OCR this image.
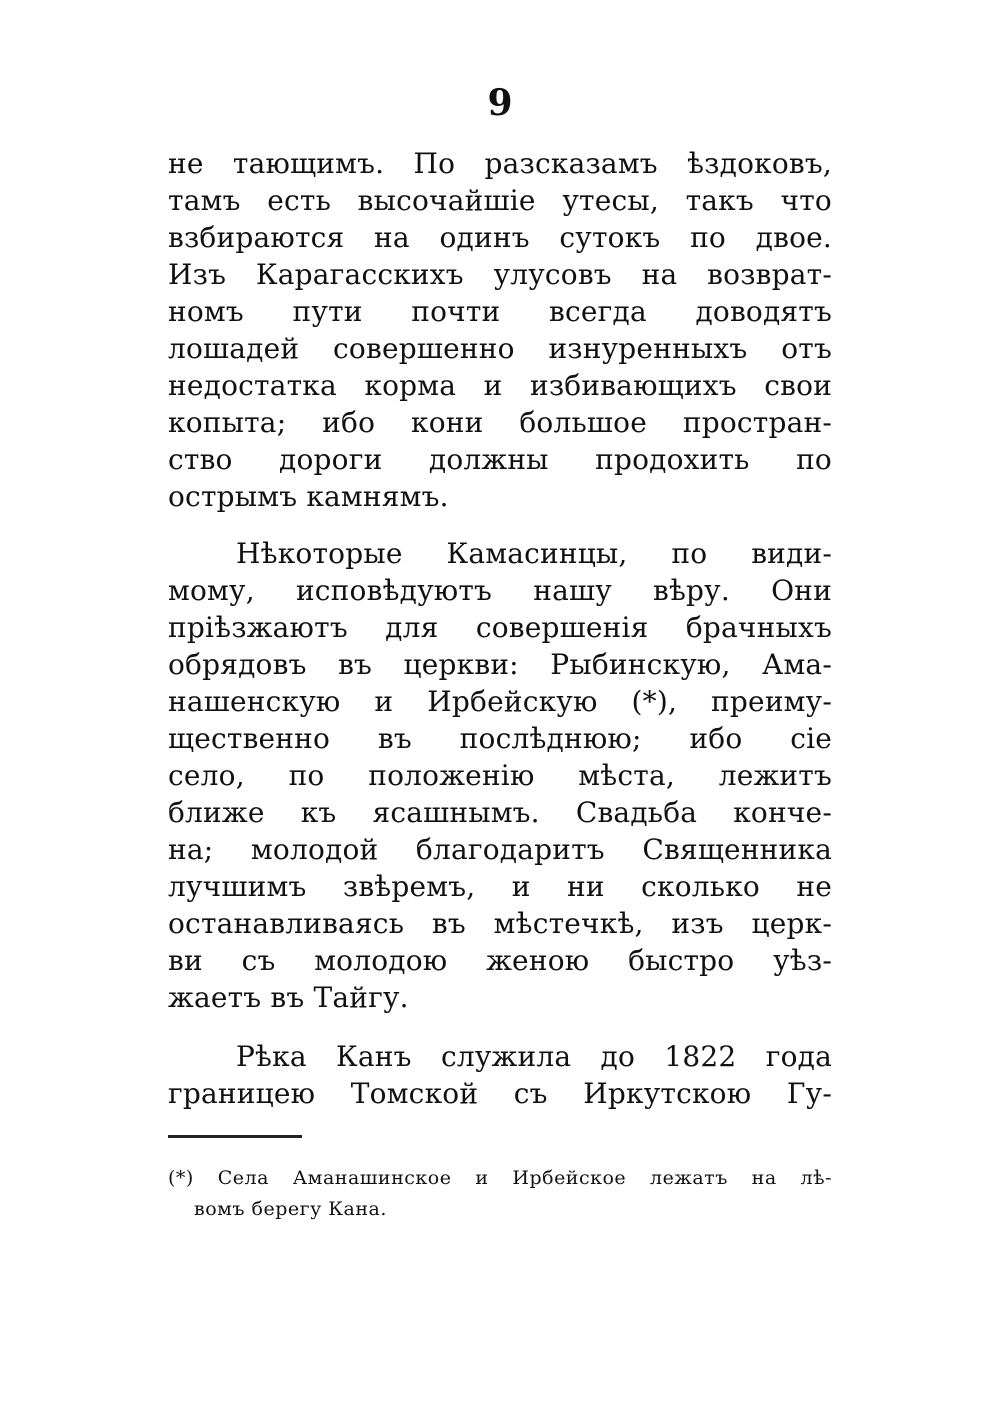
9
не тающимъ. По разсказамъ ѣздоковъ,
тамъ есть высочайшіе утесы, такъ что
взбираются на одинъ сутокъ по двое.
Изъ Карагасскихъ улусовъ на возврат-
номъ пути почти всегда доводятъ
лошадей совершенно изнуренныхъ отъ
недостатка корма и избивающихъ свои
копыта; ибо кони большое простран-
ство дороги должны продохить по
острымъ камнямъ.
Нѣкоторые Камасинцы, по види-
мому, исповѣдуютъ нашу вѣру. Они
пріѣзжаютъ для совершенія брачныхъ
обрядовъ въ церкви: Рыбинскую, Ама-
нашенскую и Ирбейскую (*), преиму-
щественно въ послѣднюю; ибо сіе
село, по положенію мѣста, лежитъ
ближе къ ясашнымъ. Свадьба конче-
на; молодой благодаритъ Священника
лучшимъ звѣремъ, и ни сколько не
останавливаясь въ мѣстечкѣ, изъ церк-
ви съ молодою женою быстро уѣз-
жаетъ въ Тайгу.
Рѣка Канъ служила до 1822 года
границею Томской съ Иркутскою Гу-
(*) Села Аманашинское и Ирбейское лежатъ на лѣ-
вомъ берегу Кана.
